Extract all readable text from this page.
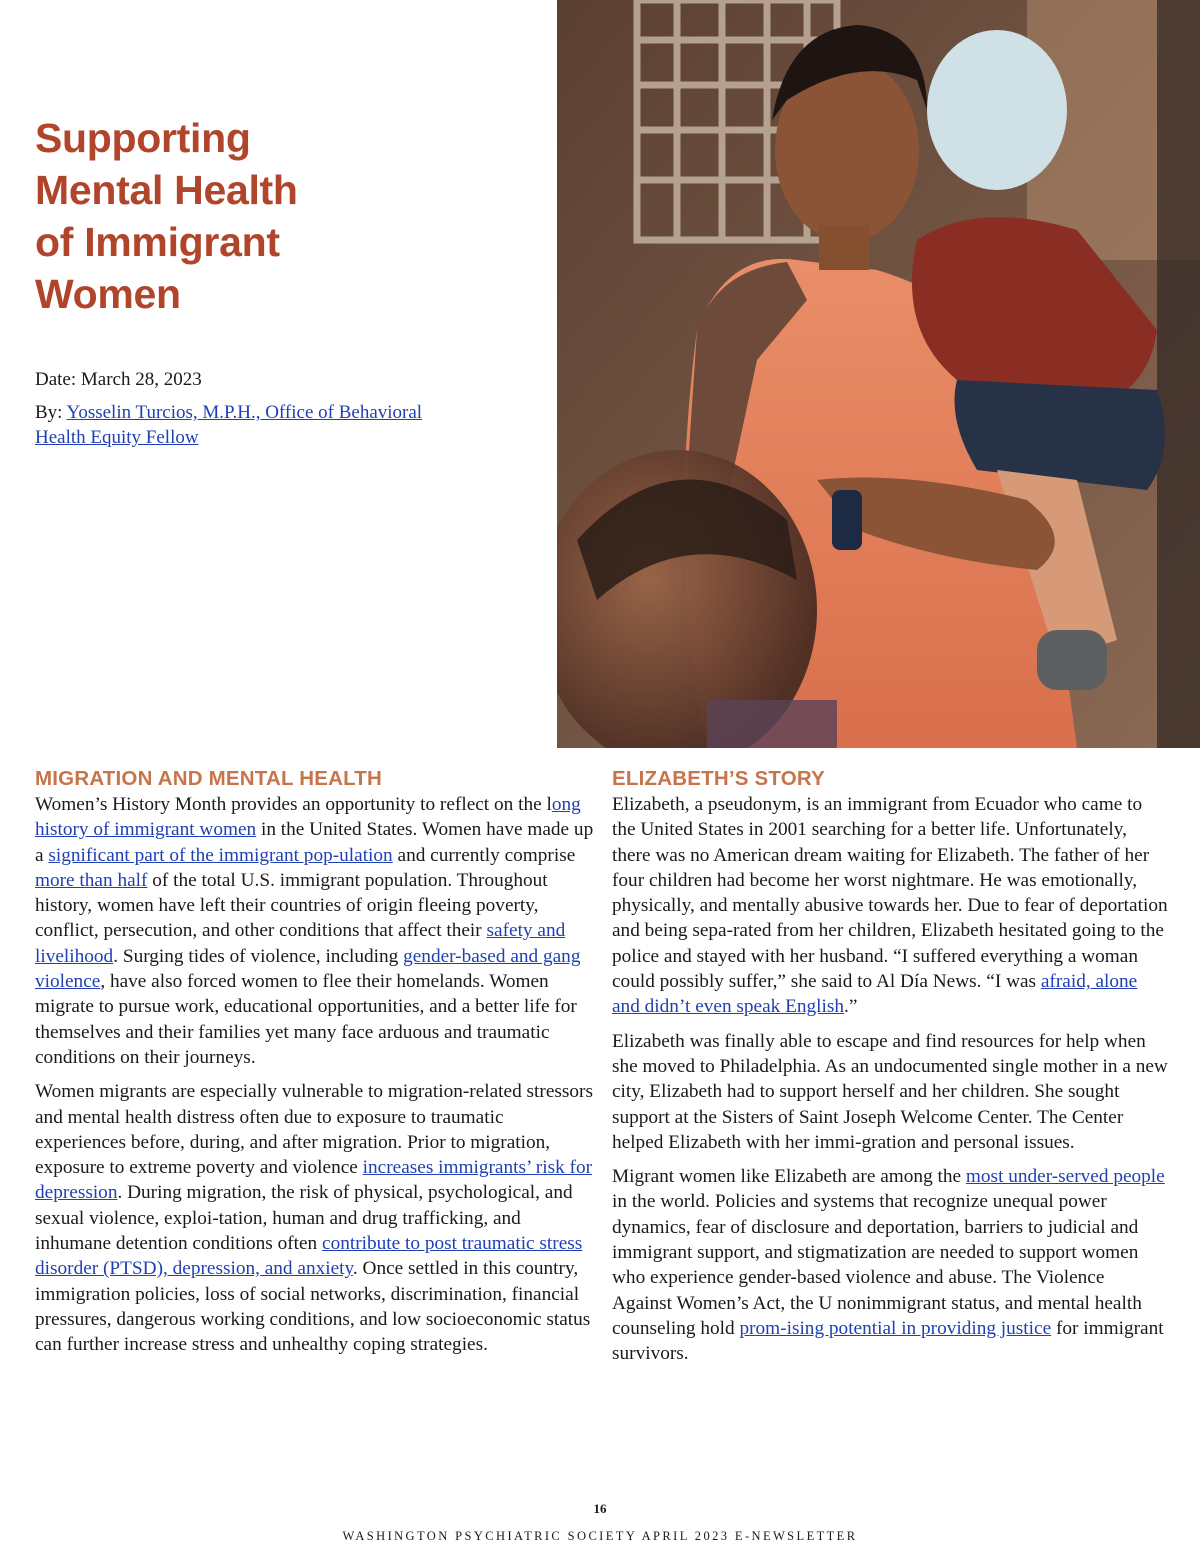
Supporting
Mental Health
of Immigrant
Women

Date: March 28, 2023

By: Yosselin Turcios, M.P.H., Office of Behavioral
Health Equity Fellow

MIGRATION AND MENTAL HEALTH

Women’s History Month provides an opportunity to reflect on the long history of immigrant women in the United States. Women have made up a significant part of the immigrant pop-ulation and currently comprise more than half of the total U.S. immigrant population. Throughout history, women have left their countries of origin fleeing poverty, conflict, persecution, and other conditions that affect their safety and livelihood. Surging tides of violence, including gender-based and gang violence, have also forced women to flee their homelands. Women migrate to pursue work, educational opportunities, and a better life for themselves and their families yet many face arduous and traumatic conditions on their journeys.

Women migrants are especially vulnerable to migration-related stressors and mental health distress often due to exposure to traumatic experiences before, during, and after migration. Prior to migration, exposure to extreme poverty and violence increases immigrants’ risk for depression. During migration, the risk of physical, psychological, and sexual violence, exploi-tation, human and drug trafficking, and inhumane detention conditions often contribute to post traumatic stress disorder (PTSD), depression, and anxiety. Once settled in this country, immigration policies, loss of social networks, discrimination, financial pressures, dangerous working conditions, and low socioeconomic status can further increase stress and unhealthy coping strategies.

ELIZABETH’S STORY

Elizabeth, a pseudonym, is an immigrant from Ecuador who came to the United States in 2001 searching for a better life. Unfortunately, there was no American dream waiting for Elizabeth. The father of her four children had become her worst nightmare. He was emotionally, physically, and mentally abusive towards her. Due to fear of deportation and being sepa-rated from her children, Elizabeth hesitated going to the police and stayed with her husband. “I suffered everything a woman could possibly suffer,” she said to Al Día News. “I was afraid, alone and didn’t even speak English.”

Elizabeth was finally able to escape and find resources for help when she moved to Philadelphia. As an undocumented single mother in a new city, Elizabeth had to support herself and her children. She sought support at the Sisters of Saint Joseph Welcome Center. The Center helped Elizabeth with her immi-gration and personal issues.

Migrant women like Elizabeth are among the most under-served people in the world. Policies and systems that recognize unequal power dynamics, fear of disclosure and deportation, barriers to judicial and immigrant support, and stigmatization are needed to support women who experience gender-based violence and abuse. The Violence Against Women’s Act, the U nonimmigrant status, and mental health counseling hold prom-ising potential in providing justice for immigrant survivors.

16
WASHINGTON PSYCHIATRIC SOCIETY APRIL 2023 E-NEWSLETTER
